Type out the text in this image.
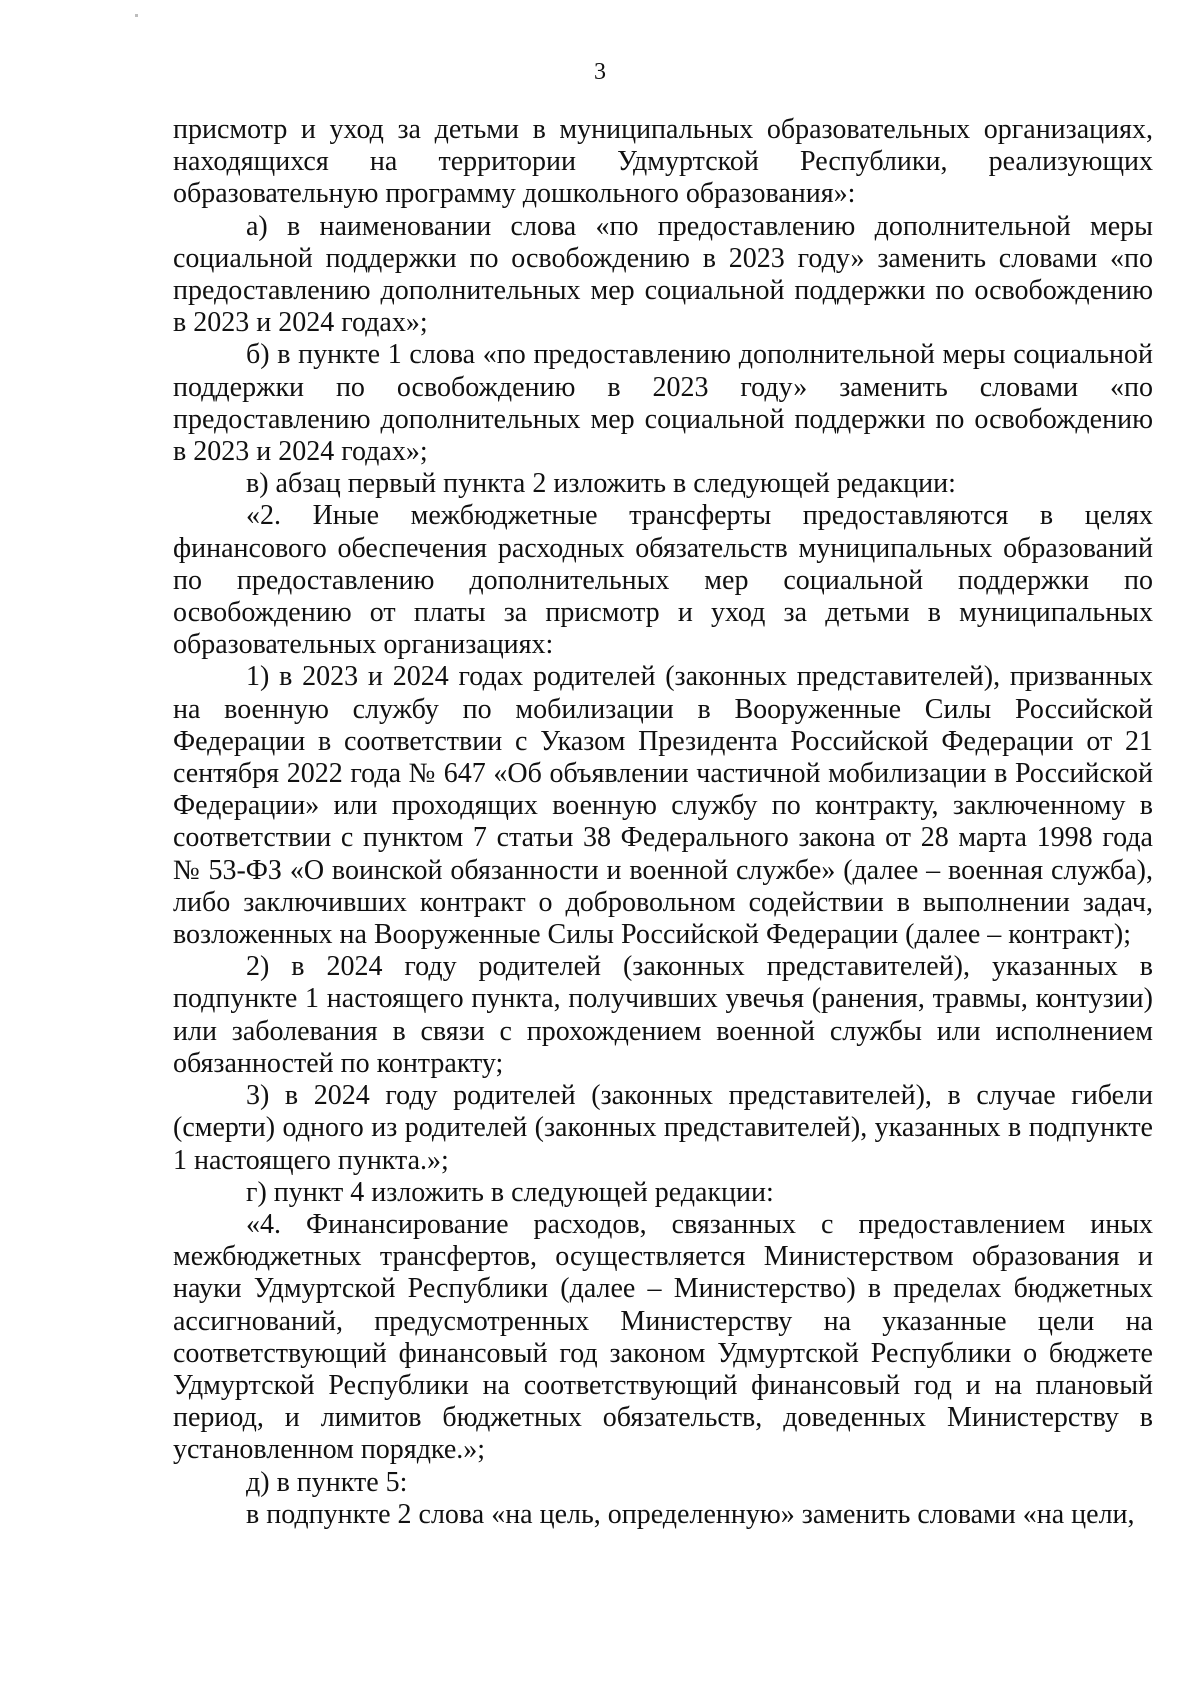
3

присмотр и уход за детьми в муниципальных образовательных организациях, находящихся на территории Удмуртской Республики, реализующих образовательную программу дошкольного образования»:

а) в наименовании слова «по предоставлению дополнительной меры социальной поддержки по освобождению в 2023 году» заменить словами «по предоставлению дополнительных мер социальной поддержки по освобождению в 2023 и 2024 годах»;

б) в пункте 1 слова «по предоставлению дополнительной меры социальной поддержки по освобождению в 2023 году» заменить словами «по предоставлению дополнительных мер социальной поддержки по освобождению в 2023 и 2024 годах»;

в) абзац первый пункта 2 изложить в следующей редакции:

«2. Иные межбюджетные трансферты предоставляются в целях финансового обеспечения расходных обязательств муниципальных образований по предоставлению дополнительных мер социальной поддержки по освобождению от платы за присмотр и уход за детьми в муниципальных образовательных организациях:

1) в 2023 и 2024 годах родителей (законных представителей), призванных на военную службу по мобилизации в Вооруженные Силы Российской Федерации в соответствии с Указом Президента Российской Федерации от 21 сентября 2022 года № 647 «Об объявлении частичной мобилизации в Российской Федерации» или проходящих военную службу по контракту, заключенному в соответствии с пунктом 7 статьи 38 Федерального закона от 28 марта 1998 года № 53-ФЗ «О воинской обязанности и военной службе» (далее – военная служба), либо заключивших контракт о добровольном содействии в выполнении задач, возложенных на Вооруженные Силы Российской Федерации (далее – контракт);

2) в 2024 году родителей (законных представителей), указанных в подпункте 1 настоящего пункта, получивших увечья (ранения, травмы, контузии) или заболевания в связи с прохождением военной службы или исполнением обязанностей по контракту;

3) в 2024 году родителей (законных представителей), в случае гибели (смерти) одного из родителей (законных представителей), указанных в подпункте 1 настоящего пункта.»;

г) пункт 4 изложить в следующей редакции:

«4. Финансирование расходов, связанных с предоставлением иных межбюджетных трансфертов, осуществляется Министерством образования и науки Удмуртской Республики (далее – Министерство) в пределах бюджетных ассигнований, предусмотренных Министерству на указанные цели на соответствующий финансовый год законом Удмуртской Республики о бюджете Удмуртской Республики на соответствующий финансовый год и на плановый период, и лимитов бюджетных обязательств, доведенных Министерству в установленном порядке.»;

д) в пункте 5:

в подпункте 2 слова «на цель, определенную» заменить словами «на цели,
